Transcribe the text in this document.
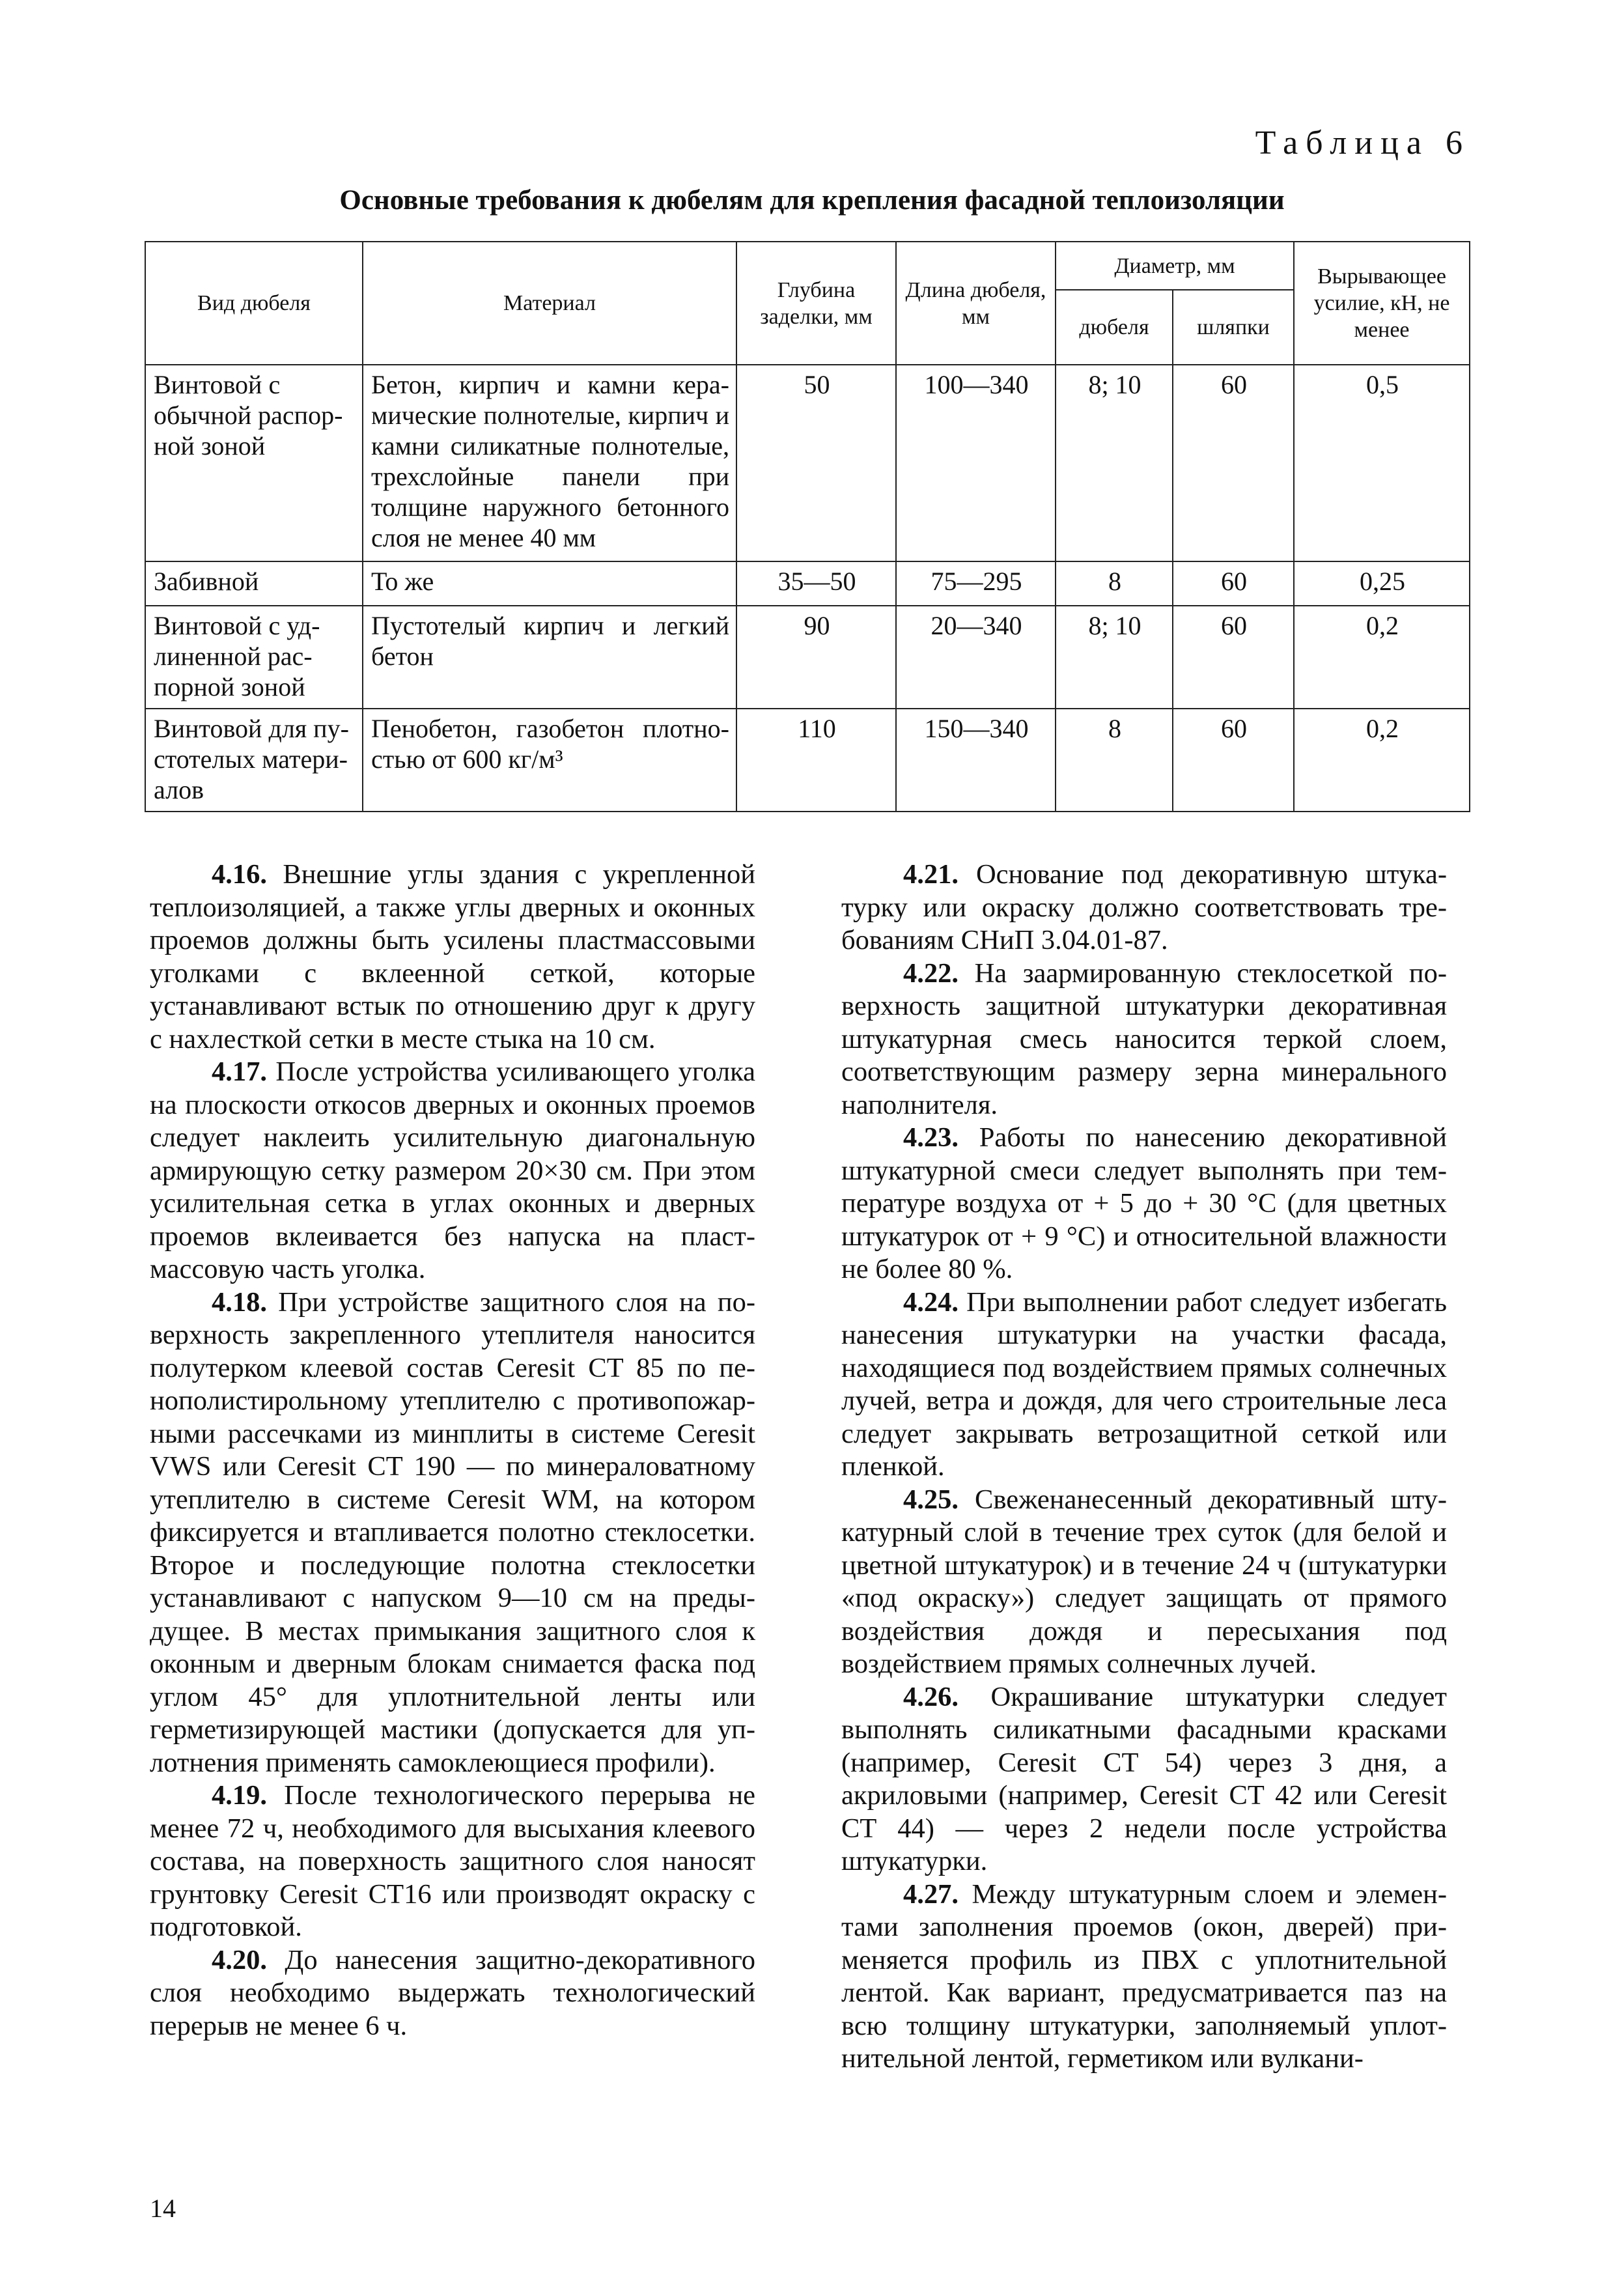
Таблица 6
Основные требования к дюбелям для крепления фасадной теплоизоляции
Вид дюбеля	Материал	Глубина заделки, мм	Длина дюбеля, мм	Диаметр, мм		Вырывающее усилие, кН, не менее
				дюбеля	шляпки	
Винтовой с обычной распорной зоной	Бетон, кирпич и камни керамические полнотелые, кирпич и камни силикатные полнотелые, трехслойные панели при толщине наружного бетонного слоя не менее 40 мм	50	100—340	8; 10	60	0,5
Забивной	То же	35—50	75—295	8	60	0,25
Винтовой с удлиненной распорной зоной	Пустотелый кирпич и легкий бетон	90	20—340	8; 10	60	0,2
Винтовой для пустотелых материалов	Пенобетон, газобетон плотностью от 600 кг/м³	110	150—340	8	60	0,2

4.16. Внешние углы здания с укрепленной теплоизоляцией, а также углы дверных и оконных проемов должны быть усилены пластмассовыми уголками с вклеенной сеткой, которые устанавливают встык по отношению друг к другу с нахлесткой сетки в месте стыка на 10 см.

4.17. После устройства усиливающего уголка на плоскости откосов дверных и оконных проемов следует наклеить усилительную диагональную армирующую сетку размером 20×30 см. При этом усилительная сетка в углах оконных и дверных проемов вклеивается без напуска на пластмассовую часть уголка.

4.18. При устройстве защитного слоя на поверхность закрепленного утеплителя наносится полутерком клеевой состав Ceresit CT 85 по пенополистирольному утеплителю с противопожарными рассечками из минплиты в системе Ceresit VWS или Ceresit CT 190 — по минераловатному утеплителю в системе Ceresit WM, на котором фиксируется и втапливается полотно стеклосетки. Второе и последующие полотна стеклосетки устанавливают с напуском 9—10 см на предыдущее. В местах примыкания защитного слоя к оконным и дверным блокам снимается фаска под углом 45° для уплотнительной ленты или герметизирующей мастики (допускается для уплотнения применять самоклеющиеся профили).

4.19. После технологического перерыва не менее 72 ч, необходимого для высыхания клеевого состава, на поверхность защитного слоя наносят грунтовку Ceresit CT16 или производят окраску с подготовкой.

4.20. До нанесения защитно-декоративного слоя необходимо выдержать технологический перерыв не менее 6 ч.

4.21. Основание под декоративную штукатурку или окраску должно соответствовать требованиям СНиП 3.04.01-87.

4.22. На заармированную стеклосеткой поверхность защитной штукатурки декоративная штукатурная смесь наносится теркой слоем, соответствующим размеру зерна минерального наполнителя.

4.23. Работы по нанесению декоративной штукатурной смеси следует выполнять при температуре воздуха от + 5 до + 30 °С (для цветных штукатурок от + 9 °С) и относительной влажности не более 80 %.

4.24. При выполнении работ следует избегать нанесения штукатурки на участки фасада, находящиеся под воздействием прямых солнечных лучей, ветра и дождя, для чего строительные леса следует закрывать ветрозащитной сеткой или пленкой.

4.25. Свеженанесенный декоративный штукатурный слой в течение трех суток (для белой и цветной штукатурок) и в течение 24 ч (штукатурки «под окраску») следует защищать от прямого воздействия дождя и пересыхания под воздействием прямых солнечных лучей.

4.26. Окрашивание штукатурки следует выполнять силикатными фасадными красками (например, Ceresit CT 54) через 3 дня, а акриловыми (например, Ceresit CT 42 или Ceresit CT 44) — через 2 недели после устройства штукатурки.

4.27. Между штукатурным слоем и элементами заполнения проемов (окон, дверей) применяется профиль из ПВХ с уплотнительной лентой. Как вариант, предусматривается паз на всю толщину штукатурки, заполняемый уплотнительной лентой, герметиком или вулкани-

14
